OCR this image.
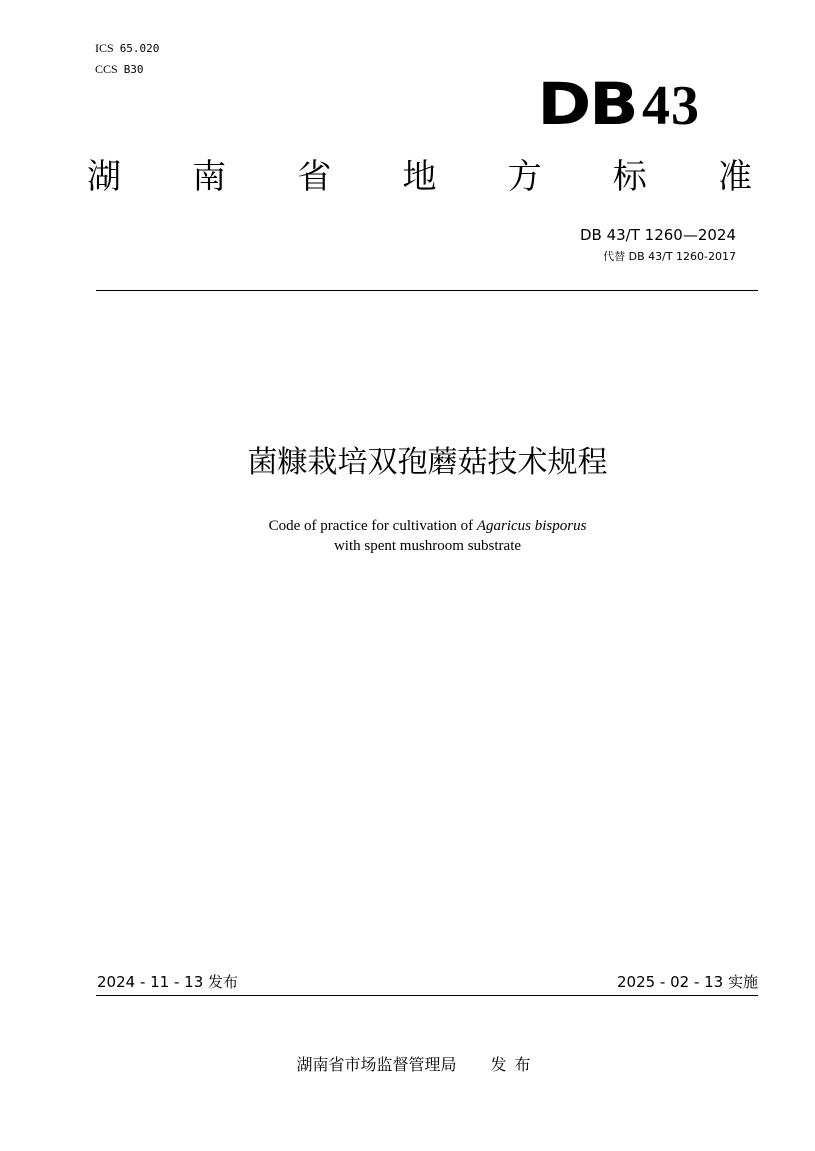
ICS 65.020
CCS B30
DB 43
湖 南 省 地 方 标 准
DB 43/T 1260—2024
代替 DB 43/T 1260-2017
菌糠栽培双孢蘑菇技术规程
Code of practice for cultivation of Agaricus bisporus
with spent mushroom substrate
2024 - 11 - 13 发布	2025 - 02 - 13 实施
湖南省市场监督管理局 发布
